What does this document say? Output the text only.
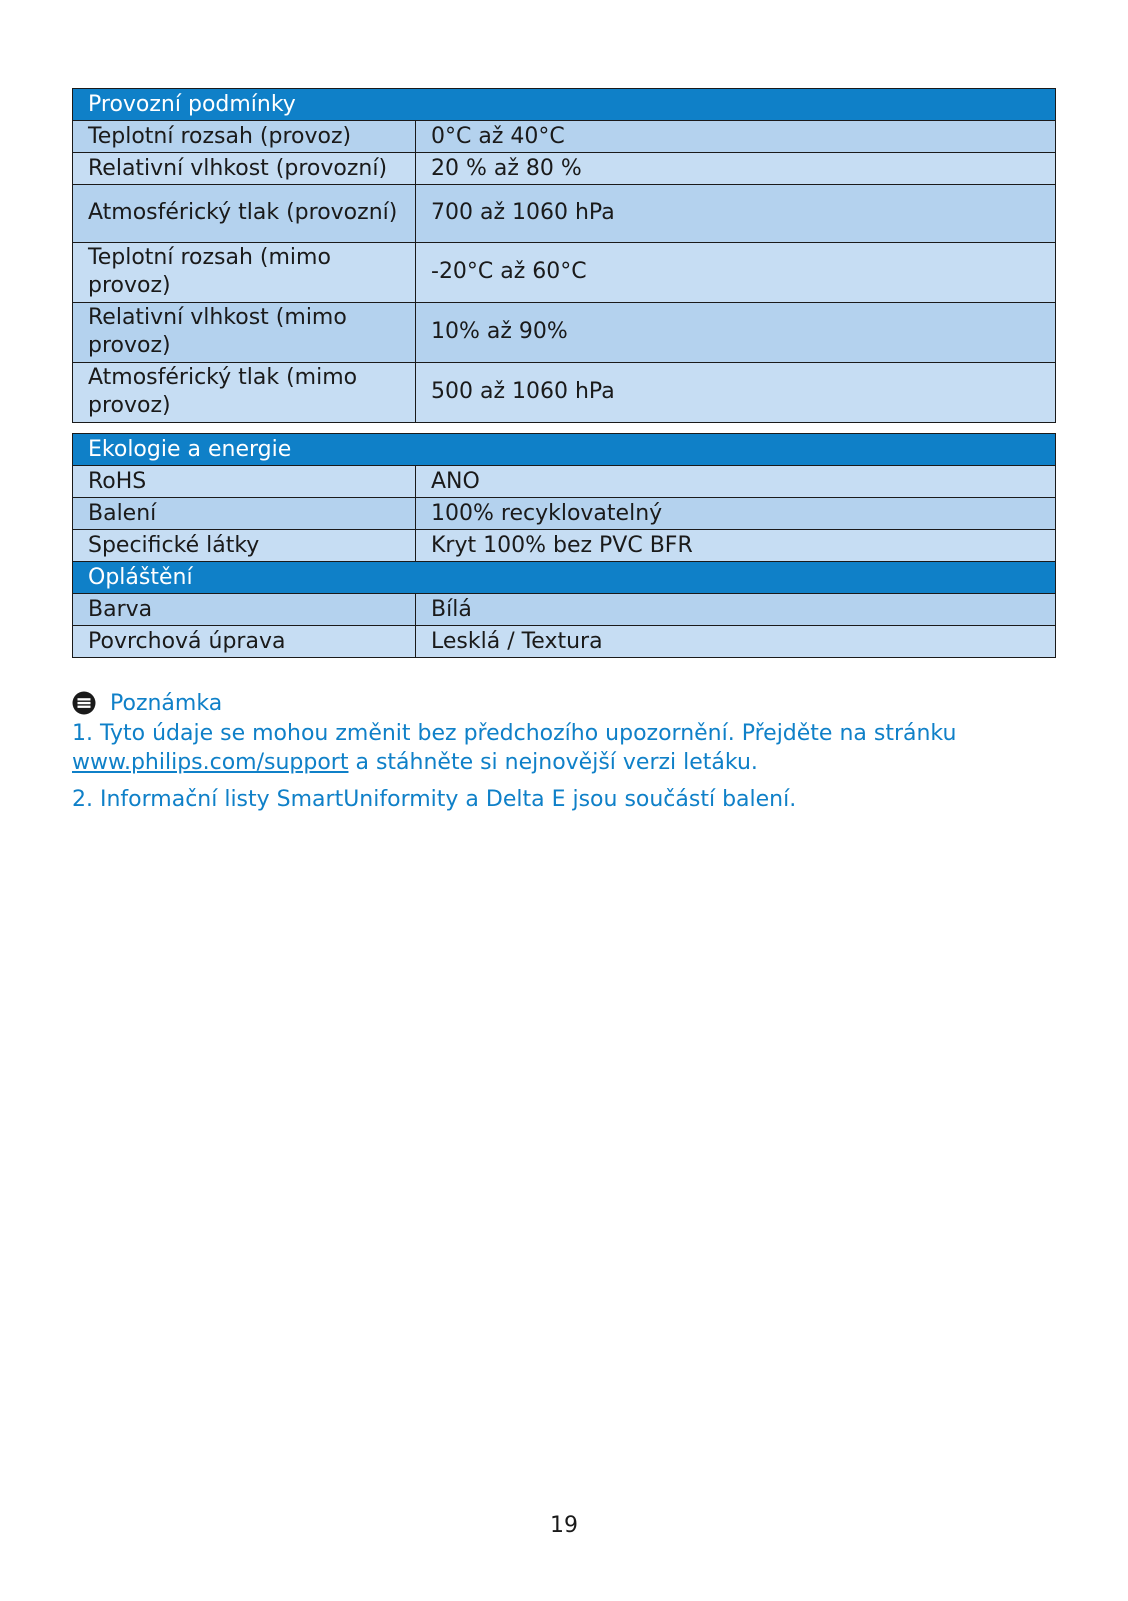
Provozní podmínky	
Teplotní rozsah (provoz)	0°C až 40°C
Relativní vlhkost (provozní)	20 % až 80 %
Atmosférický tlak (provozní)	700 až 1060 hPa
Teplotní rozsah (mimo provoz)	-20°C až 60°C
Relativní vlhkost (mimo provoz)	10% až 90%
Atmosférický tlak (mimo provoz)	500 až 1060 hPa
Ekologie a energie	
RoHS	ANO
Balení	100% recyklovatelný
Specifické látky	Kryt 100% bez PVC BFR
Opláštění	
Barva	Bílá
Povrchová úprava	Lesklá / Textura
Poznámka

1. Tyto údaje se mohou změnit bez předchozího upozornění. Přejděte na stránku
www.philips.com/support a stáhněte si nejnovější verzi letáku.

2. Informační listy SmartUniformity a Delta E jsou součástí balení.

19
